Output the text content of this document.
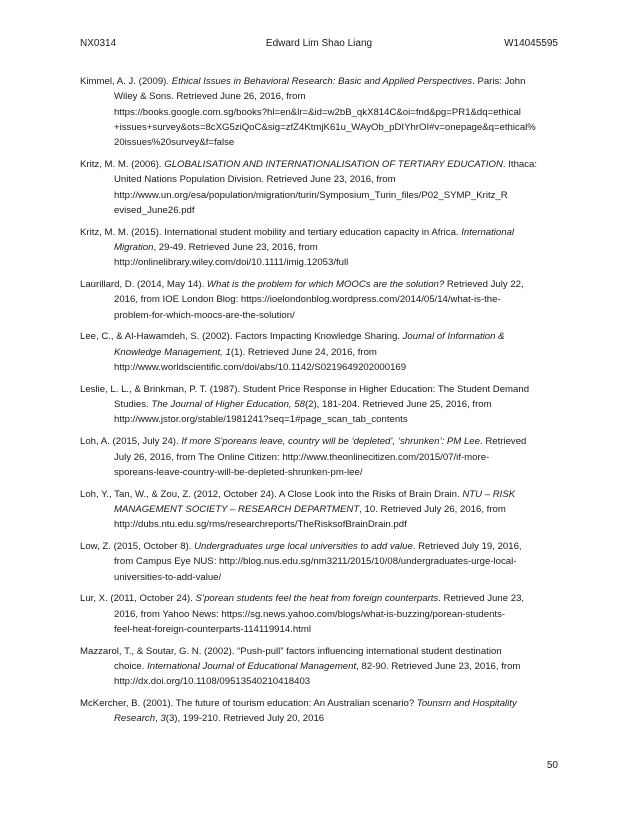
NX0314	Edward Lim Shao Liang	W14045595
Kimmel, A. J. (2009). Ethical Issues in Behavioral Research: Basic and Applied Perspectives. Paris: John
Wiley & Sons. Retrieved June 26, 2016, from
https://books.google.com.sg/books?hl=en&lr=&id=w2bB_qkX814C&oi=fnd&pg=PR1&dq=ethical
+issues+survey&ots=8cXG5ziQoC&sig=zfZ4KtmjK61u_WAyOb_pDIYhrOI#v=onepage&q=ethical%
20issues%20survey&f=false
Kritz, M. M. (2006). GLOBALISATION AND INTERNATIONALISATION OF TERTIARY EDUCATION. Ithaca:
United Nations Population Division. Retrieved June 23, 2016, from
http://www.un.org/esa/population/migration/turin/Symposium_Turin_files/P02_SYMP_Kritz_R
evised_June26.pdf
Kritz, M. M. (2015). International student mobility and tertiary education capacity in Africa. International
Migration, 29-49. Retrieved June 23, 2016, from
http://onlinelibrary.wiley.com/doi/10.1111/imig.12053/full
Laurillard, D. (2014, May 14). What is the problem for which MOOCs are the solution? Retrieved July 22,
2016, from IOE London Blog: https://ioelondonblog.wordpress.com/2014/05/14/what-is-the-
problem-for-which-moocs-are-the-solution/
Lee, C., & Al-Hawamdeh, S. (2002). Factors Impacting Knowledge Sharing. Journal of Information &
Knowledge Management, 1(1). Retrieved June 24, 2016, from
http://www.worldscientific.com/doi/abs/10.1142/S0219649202000169
Leslie, L. L., & Brinkman, P. T. (1987). Student Price Response in Higher Education: The Student Demand
Studies. The Journal of Higher Education, 58(2), 181-204. Retrieved June 25, 2016, from
http://www.jstor.org/stable/1981241?seq=1#page_scan_tab_contents
Loh, A. (2015, July 24). If more S’poreans leave, country will be ‘depleted’, ‘shrunken’: PM Lee. Retrieved
July 26, 2016, from The Online Citizen: http://www.theonlinecitizen.com/2015/07/if-more-
sporeans-leave-country-will-be-depleted-shrunken-pm-lee/
Loh, Y., Tan, W., & Zou, Z. (2012, October 24). A Close Look into the Risks of Brain Drain. NTU – RISK
MANAGEMENT SOCIETY – RESEARCH DEPARTMENT, 10. Retrieved July 26, 2016, from
http://dubs.ntu.edu.sg/rms/researchreports/TheRisksofBrainDrain.pdf
Low, Z. (2015, October 8). Undergraduates urge local universities to add value. Retrieved July 19, 2016,
from Campus Eye NUS: http://blog.nus.edu.sg/nm3211/2015/10/08/undergraduates-urge-local-
universities-to-add-value/
Lur, X. (2011, October 24). S’porean students feel the heat from foreign counterparts. Retrieved June 23,
2016, from Yahoo News: https://sg.news.yahoo.com/blogs/what-is-buzzing/porean-students-
feel-heat-foreign-counterparts-114119914.html
Mazzarol, T., & Soutar, G. N. (2002). “Push-pull” factors influencing international student destination
choice. International Journal of Educational Management, 82-90. Retrieved June 23, 2016, from
http://dx.doi.org/10.1108/09513540210418403
McKercher, B. (2001). The future of tourism education: An Australian scenario? Tounsrn and Hospitality
Research, 3(3), 199-210. Retrieved July 20, 2016
50
